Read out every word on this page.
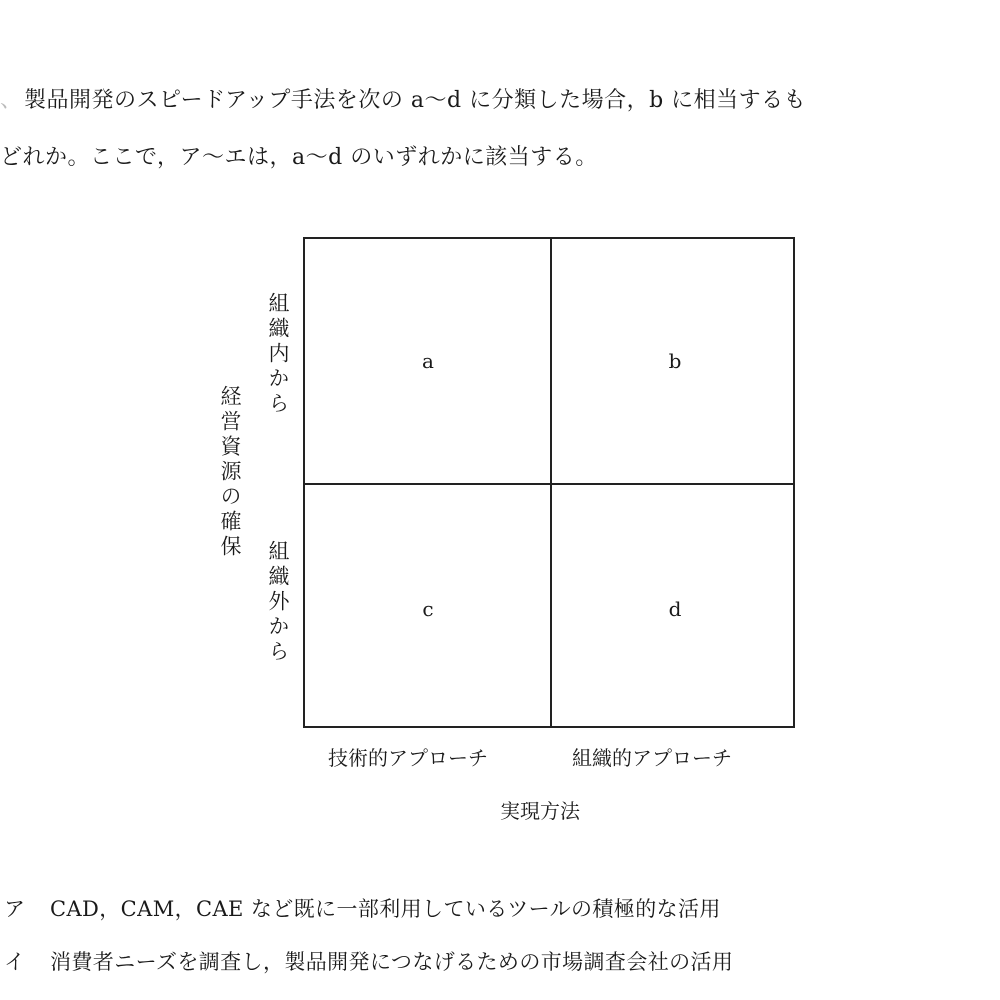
、製品開発のスピードアップ手法を次の a〜d に分類した場合，b に相当するも
どれか。ここで，ア〜エは，a〜d のいずれかに該当する。
a	b
c	d
組織内から
組織外から
経営資源の確保
技術的アプローチ	組織的アプローチ
実現方法
ア CAD，CAM，CAE など既に一部利用しているツールの積極的な活用
イ 消費者ニーズを調査し，製品開発につなげるための市場調査会社の活用
